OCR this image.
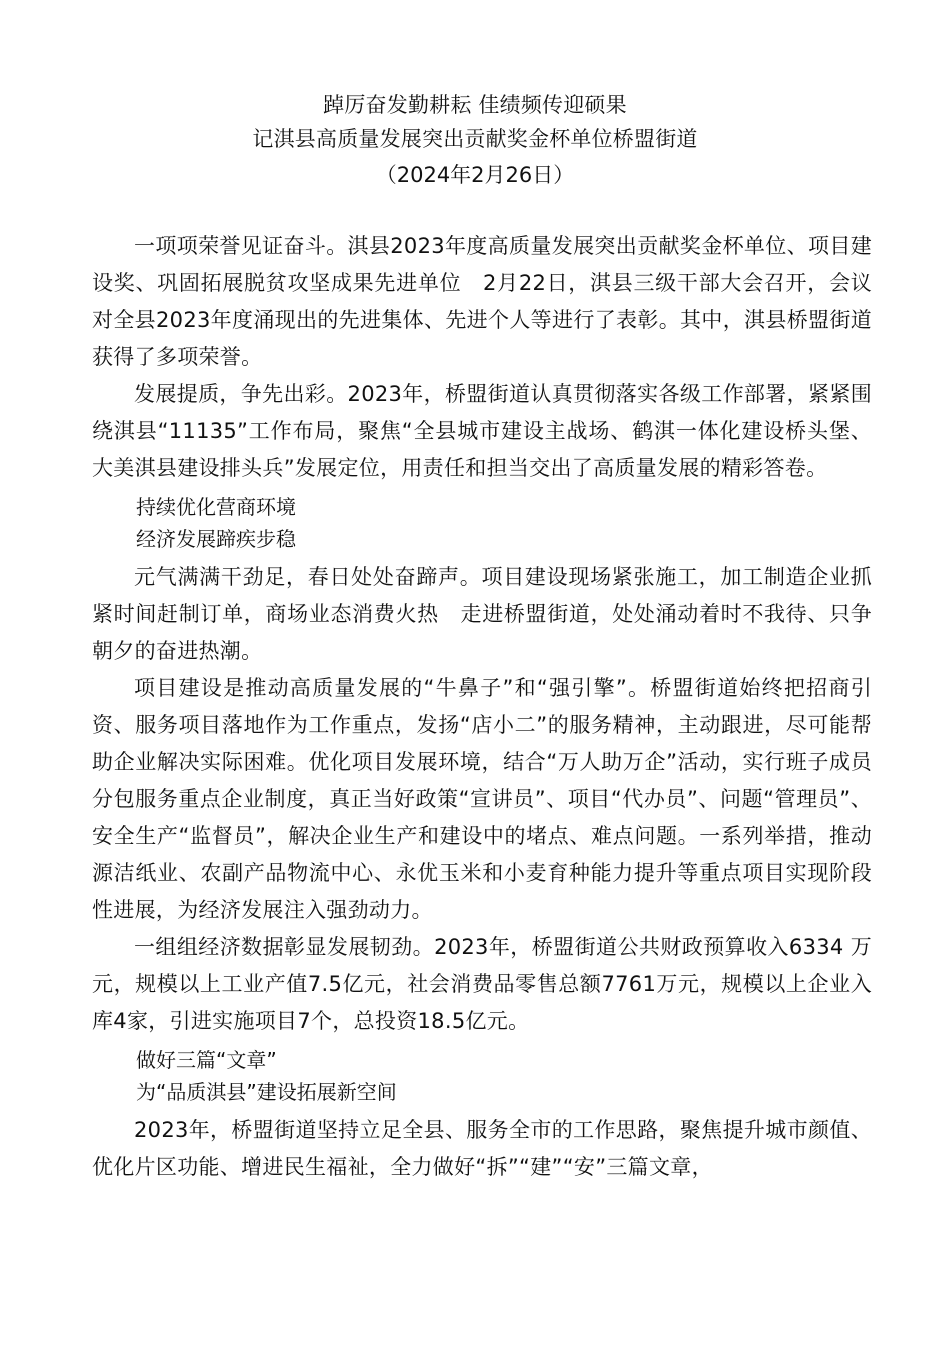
踔厉奋发勤耕耘 佳绩频传迎硕果
记淇县高质量发展突出贡献奖金杯单位桥盟街道
（2024年2月26日）

一项项荣誉见证奋斗。淇县2023年度高质量发展突出贡献奖金杯单位、项目建设奖、巩固拓展脱贫攻坚成果先进单位　2月22日，淇县三级干部大会召开，会议对全县2023年度涌现出的先进集体、先进个人等进行了表彰。其中，淇县桥盟街道获得了多项荣誉。

发展提质，争先出彩。2023年，桥盟街道认真贯彻落实各级工作部署，紧紧围绕淇县“11135”工作布局，聚焦“全县城市建设主战场、鹤淇一体化建设桥头堡、大美淇县建设排头兵”发展定位，用责任和担当交出了高质量发展的精彩答卷。

持续优化营商环境

经济发展蹄疾步稳

元气满满干劲足，春日处处奋蹄声。项目建设现场紧张施工，加工制造企业抓紧时间赶制订单，商场业态消费火热　走进桥盟街道，处处涌动着时不我待、只争朝夕的奋进热潮。

项目建设是推动高质量发展的“牛鼻子”和“强引擎”。桥盟街道始终把招商引资、服务项目落地作为工作重点，发扬“店小二”的服务精神，主动跟进，尽可能帮助企业解决实际困难。优化项目发展环境，结合“万人助万企”活动，实行班子成员分包服务重点企业制度，真正当好政策“宣讲员”、项目“代办员”、问题“管理员”、安全生产“监督员”，解决企业生产和建设中的堵点、难点问题。一系列举措，推动源洁纸业、农副产品物流中心、永优玉米和小麦育种能力提升等重点项目实现阶段性进展，为经济发展注入强劲动力。

一组组经济数据彰显发展韧劲。2023年，桥盟街道公共财政预算收入6334 万元，规模以上工业产值7.5亿元，社会消费品零售总额7761万元，规模以上企业入库4家，引进实施项目7个，总投资18.5亿元。

做好三篇“文章”

为“品质淇县”建设拓展新空间

2023年，桥盟街道坚持立足全县、服务全市的工作思路，聚焦提升城市颜值、优化片区功能、增进民生福祉，全力做好“拆”“建”“安”三篇文章，
